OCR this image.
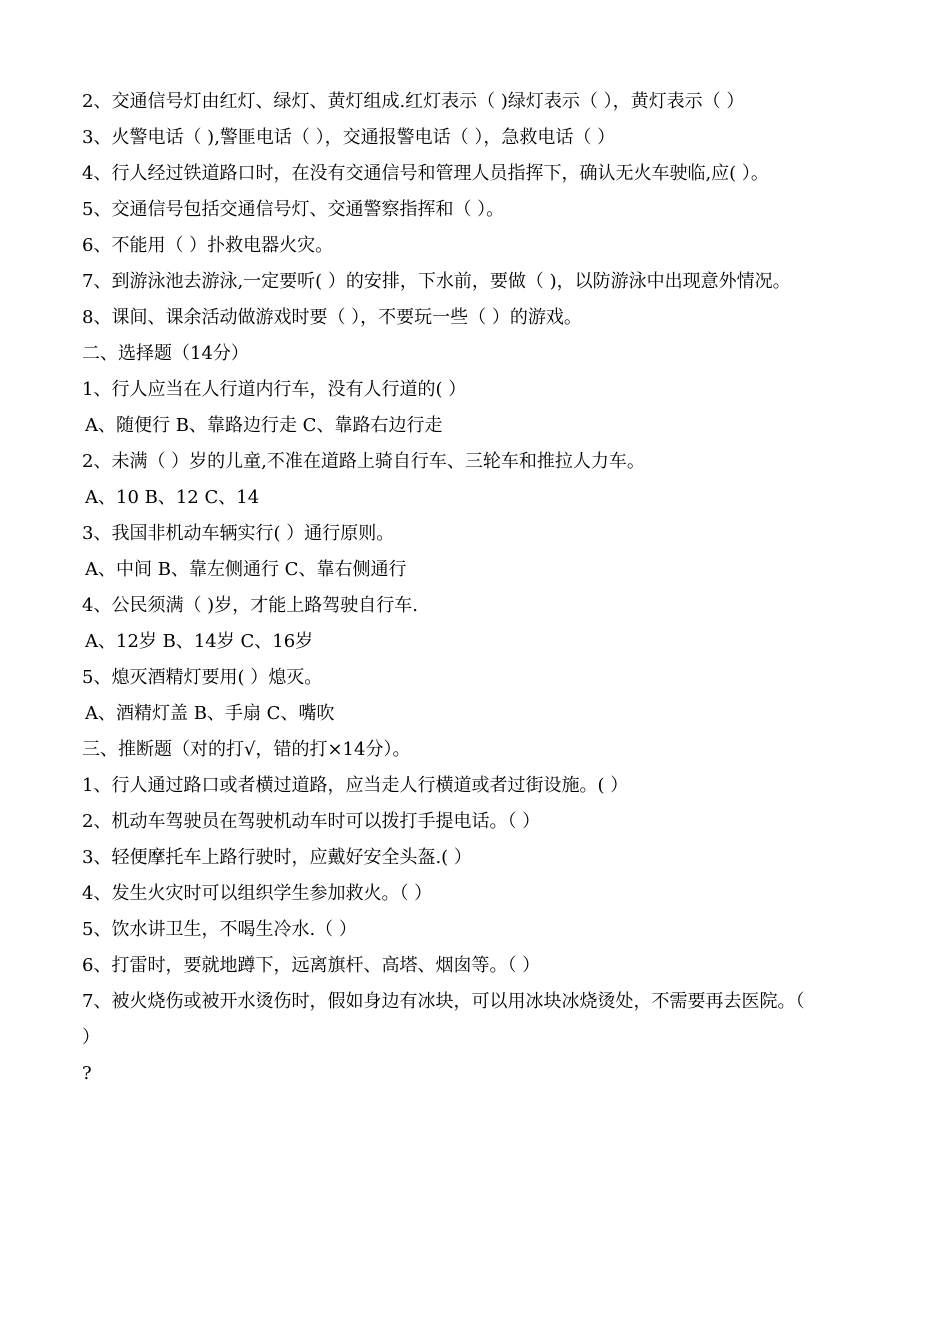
2、交通信号灯由红灯、绿灯、黄灯组成.红灯表示（ )绿灯表示（ ），黄灯表示（ ）
3、火警电话（ ),警匪电话（ ），交通报警电话（ ），急救电话（ ）
4、行人经过铁道路口时，在没有交通信号和管理人员指挥下，确认无火车驶临,应( ）。
5、交通信号包括交通信号灯、交通警察指挥和（ ）。
6、不能用（ ）扑救电器火灾。
7、到游泳池去游泳,一定要听( ）的安排，下水前，要做（ )，以防游泳中出现意外情况。
8、课间、课余活动做游戏时要（ ），不要玩一些（ ）的游戏。
二、选择题（14分）
1、行人应当在人行道内行车，没有人行道的( ）
A、随便行 B、靠路边行走 C、靠路右边行走
2、未满（ ）岁的儿童,不准在道路上骑自行车、三轮车和推拉人力车。
A、10 B、12 C、14
3、我国非机动车辆实行( ）通行原则。
A、中间 B、靠左侧通行 C、靠右侧通行
4、公民须满（ )岁，才能上路驾驶自行车.
A、12岁 B、14岁 C、16岁
5、熄灭酒精灯要用( ）熄灭。
A、酒精灯盖 B、手扇 C、嘴吹
三、推断题（对的打√，错的打×14分）。
1、行人通过路口或者横过道路，应当走人行横道或者过街设施。( ）
2、机动车驾驶员在驾驶机动车时可以拨打手提电话。（ ）
3、轻便摩托车上路行驶时，应戴好安全头盔.( ）
4、发生火灾时可以组织学生参加救火。（ ）
5、饮水讲卫生，不喝生冷水.（ ）
6、打雷时，要就地蹲下，远离旗杆、高塔、烟囱等。（ ）
7、被火烧伤或被开水烫伤时，假如身边有冰块，可以用冰块冰烧烫处，不需要再去医院。（
）
?
